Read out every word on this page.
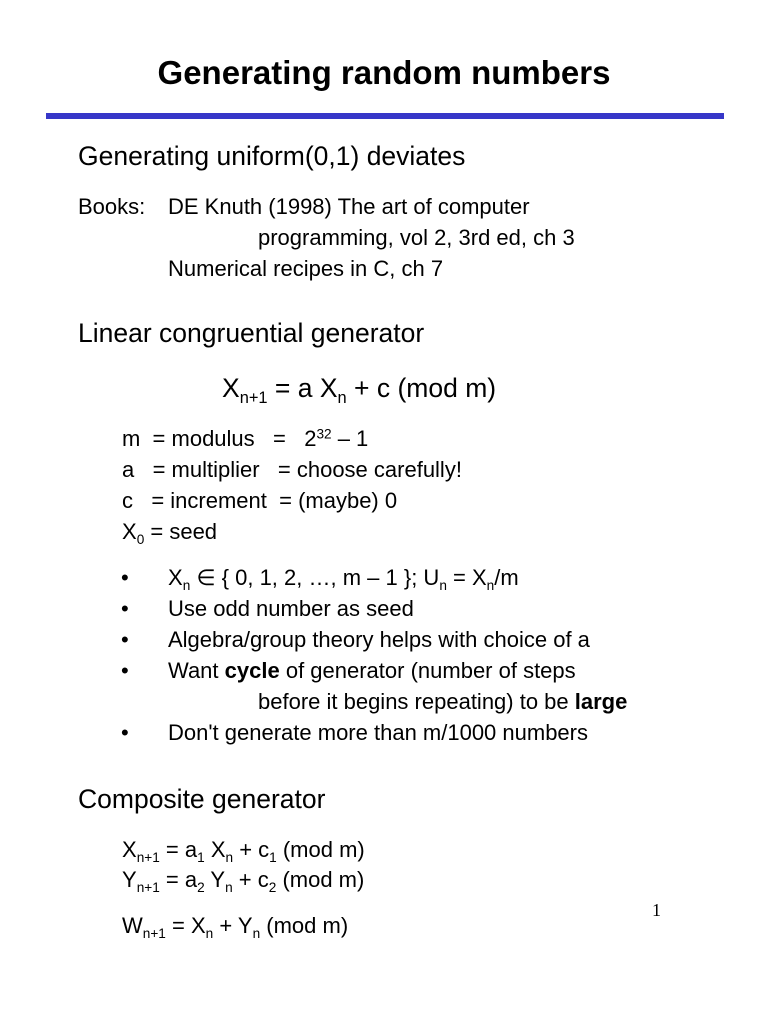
Generating random numbers
Generating uniform(0,1) deviates
Books: DE Knuth (1998) The art of computer
programming, vol 2, 3rd ed, ch 3
Numerical recipes in C, ch 7
Linear congruential generator
$X_{n+1} = a$ $X_n + c$ (mod m)
m  = modulus   =   $2^{32} - 1$
a   = multiplier   = choose carefully!
c   = increment  = (maybe) 0
$X_0$ = seed
• $X_n$ ∈ { 0, 1, 2, …, m – 1 }; $U_n = X_n/m$
• Use odd number as seed
• Algebra/group theory helps with choice of a
• Want cycle of generator (number of steps
before it begins repeating) to be large
• Don't generate more than m/1000 numbers
Composite generator
$X_{n+1} = a_1$ $X_n + c_1$ (mod m)
$Y_{n+1} = a_2$ $Y_n + c_2$ (mod m)
$W_{n+1} = X_n + Y_n$ (mod m)
1
